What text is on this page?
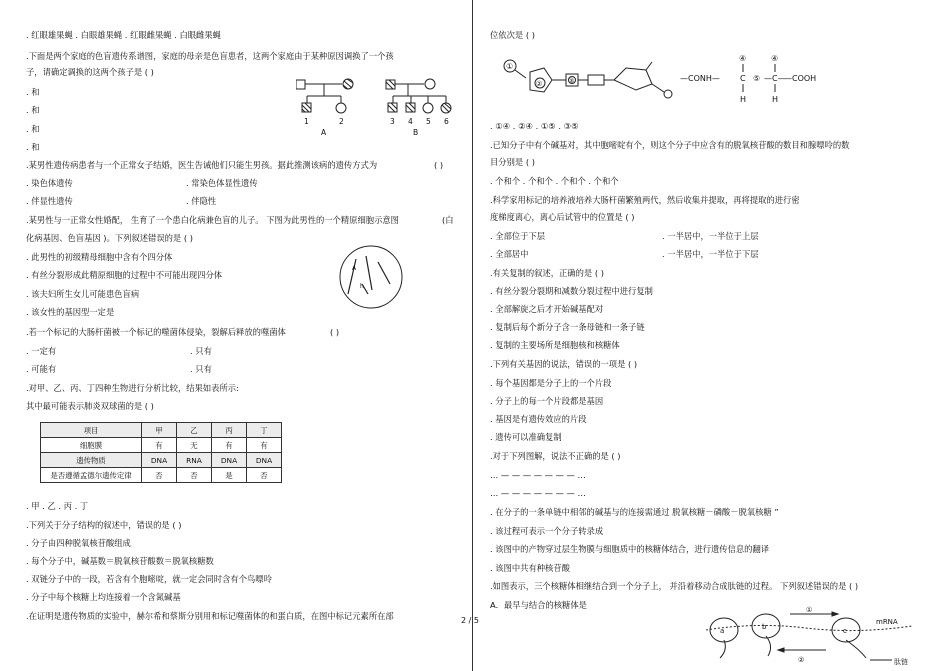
. 红眼雄果蝇 . 白眼雄果蝇 . 红眼雌果蝇 . 白眼雌果蝇
.下面是两个家庭的色盲遗传系谱图，家庭的母亲是色盲患者，这两个家庭由于某种原因调换了一个孩
子，请确定调换的这两个孩子是 ( )
. 和
. 和
. 和
. 和
1	2	3 4 5 6
A	B
.某男性遗传病患者与一个正常女子结婚，医生告诫他们只能生男孩。据此推测该病的遗传方式为	( )
. 染色体遗传	. 常染色体显性遗传
. 伴显性遗传	. 伴隐性
.某男性与一正常女性婚配， 生育了一个患白化病兼色盲的儿子。 下图为此男性的一个精原细胞示意图	(白
化病基因、色盲基因 )。下列叙述错误的是 ( )
. 此男性的初级精母细胞中含有个四分体
. 有丝分裂形成此精原细胞的过程中不可能出现四分体
. 该夫妇所生女儿可能患色盲病
. 该女性的基因型一定是
A
h
.若一个标记的大肠杆菌被一个标记的噬菌体侵染，裂解后释放的噬菌体	( )
. 一定有	. 只有
. 可能有	. 只有
.对甲、乙、丙、丁四种生物进行分析比较，结果如表所示:
其中最可能表示肺炎双球菌的是 ( )
项目	甲	乙	丙	丁
细胞膜	有	无	有	有
遗传物质	DNA	RNA	DNA	DNA
是否遵循孟德尔遗传定律	否	否	是	否
. 甲 . 乙 . 丙 . 丁
.下列关于分子结构的叙述中，错误的是 ( )
. 分子由四种脱氧核苷酸组成
. 每个分子中，碱基数＝脱氧核苷酸数＝脱氧核糖数
. 双链分子中的一段，若含有个胞嘧啶，就一定会同时含有个鸟嘌呤
. 分子中每个核糖上均连接着一个含氮碱基
.在证明是遗传物质的实验中，赫尔希和蔡斯分别用和标记噬菌体的和蛋白质，在图中标记元素所在部
位依次是 ( )
①
②	③
④
⑤
④
—CONH—	C —C—
—COOH
H	H
. ①④ . ②④ . ①⑤ . ③⑤
.已知分子中有个碱基对，其中胞嘧啶有个，则这个分子中应含有的脱氧核苷酸的数目和腺嘌呤的数
目分别是 ( )
. 个和个 . 个和个 . 个和个 . 个和个
.科学家用标记的培养液培养大肠杆菌繁殖两代，然后收集并提取，再将提取的进行密
度梯度离心，离心后试管中的位置是 ( )
. 全部位于下层	. 一半居中，一半位于上层
. 全部居中	. 一半居中，一半位于下层
.有关复制的叙述，正确的是 ( )
. 有丝分裂分裂期和减数分裂过程中进行复制
. 全部解旋之后才开始碱基配对
. 复制后每个新分子含一条母链和一条子链
. 复制的主要场所是细胞核和核糖体
.下列有关基因的说法，错误的一项是 ( )
. 每个基因都是分子上的一个片段
. 分子上的每一个片段都是基因
. 基因是有遗传效应的片段
. 遗传可以准确复制
.对于下列图解，说法不正确的是 ( )
… — — — — — — — …
… — — — — — — — …
. 在分子的一条单链中相邻的碱基与的连接需通过 脱氧核糖－磷酸－脱氧核糖 ”
. 该过程可表示一个分子转录成
. 该图中的产物穿过层生物膜与细胞质中的核糖体结合，进行遗传信息的翻译
. 该图中共有种核苷酸
.如图表示，三个核糖体相继结合到一个分子上， 并沿着移动合成肽链的过程。 下列叙述错误的是 ( )
A．最早与结合的核糖体是	①
②
mRNA
肽链
a	b	c
2 / 5
